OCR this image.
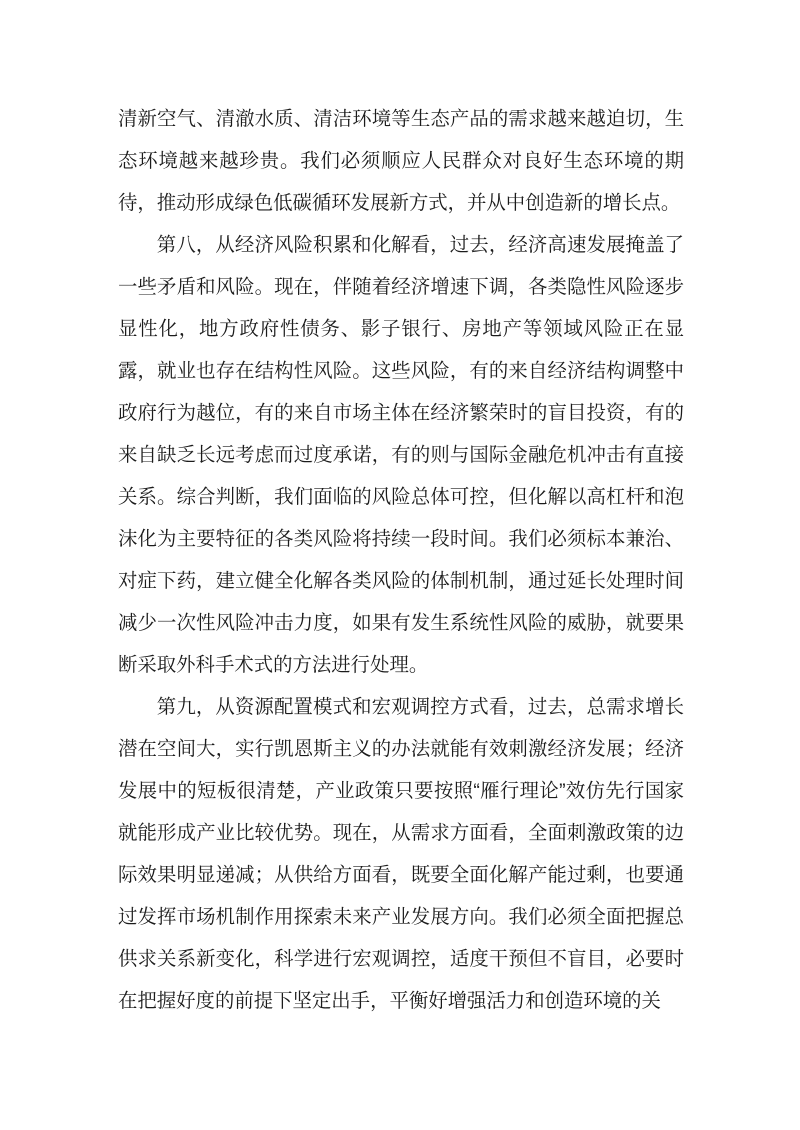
清新空气、清澈水质、清洁环境等生态产品的需求越来越迫切，生态环境越来越珍贵。我们必须顺应人民群众对良好生态环境的期待，推动形成绿色低碳循环发展新方式，并从中创造新的增长点。

第八，从经济风险积累和化解看，过去，经济高速发展掩盖了一些矛盾和风险。现在，伴随着经济增速下调，各类隐性风险逐步显性化，地方政府性债务、影子银行、房地产等领域风险正在显露，就业也存在结构性风险。这些风险，有的来自经济结构调整中政府行为越位，有的来自市场主体在经济繁荣时的盲目投资，有的来自缺乏长远考虑而过度承诺，有的则与国际金融危机冲击有直接关系。综合判断，我们面临的风险总体可控，但化解以高杠杆和泡沫化为主要特征的各类风险将持续一段时间。我们必须标本兼治、对症下药，建立健全化解各类风险的体制机制，通过延长处理时间减少一次性风险冲击力度，如果有发生系统性风险的威胁，就要果断采取外科手术式的方法进行处理。

第九，从资源配置模式和宏观调控方式看，过去，总需求增长潜在空间大，实行凯恩斯主义的办法就能有效刺激经济发展；经济发展中的短板很清楚，产业政策只要按照“雁行理论”效仿先行国家就能形成产业比较优势。现在，从需求方面看，全面刺激政策的边际效果明显递减；从供给方面看，既要全面化解产能过剩，也要通过发挥市场机制作用探索未来产业发展方向。我们必须全面把握总供求关系新变化，科学进行宏观调控，适度干预但不盲目，必要时在把握好度的前提下坚定出手，平衡好增强活力和创造环境的关
